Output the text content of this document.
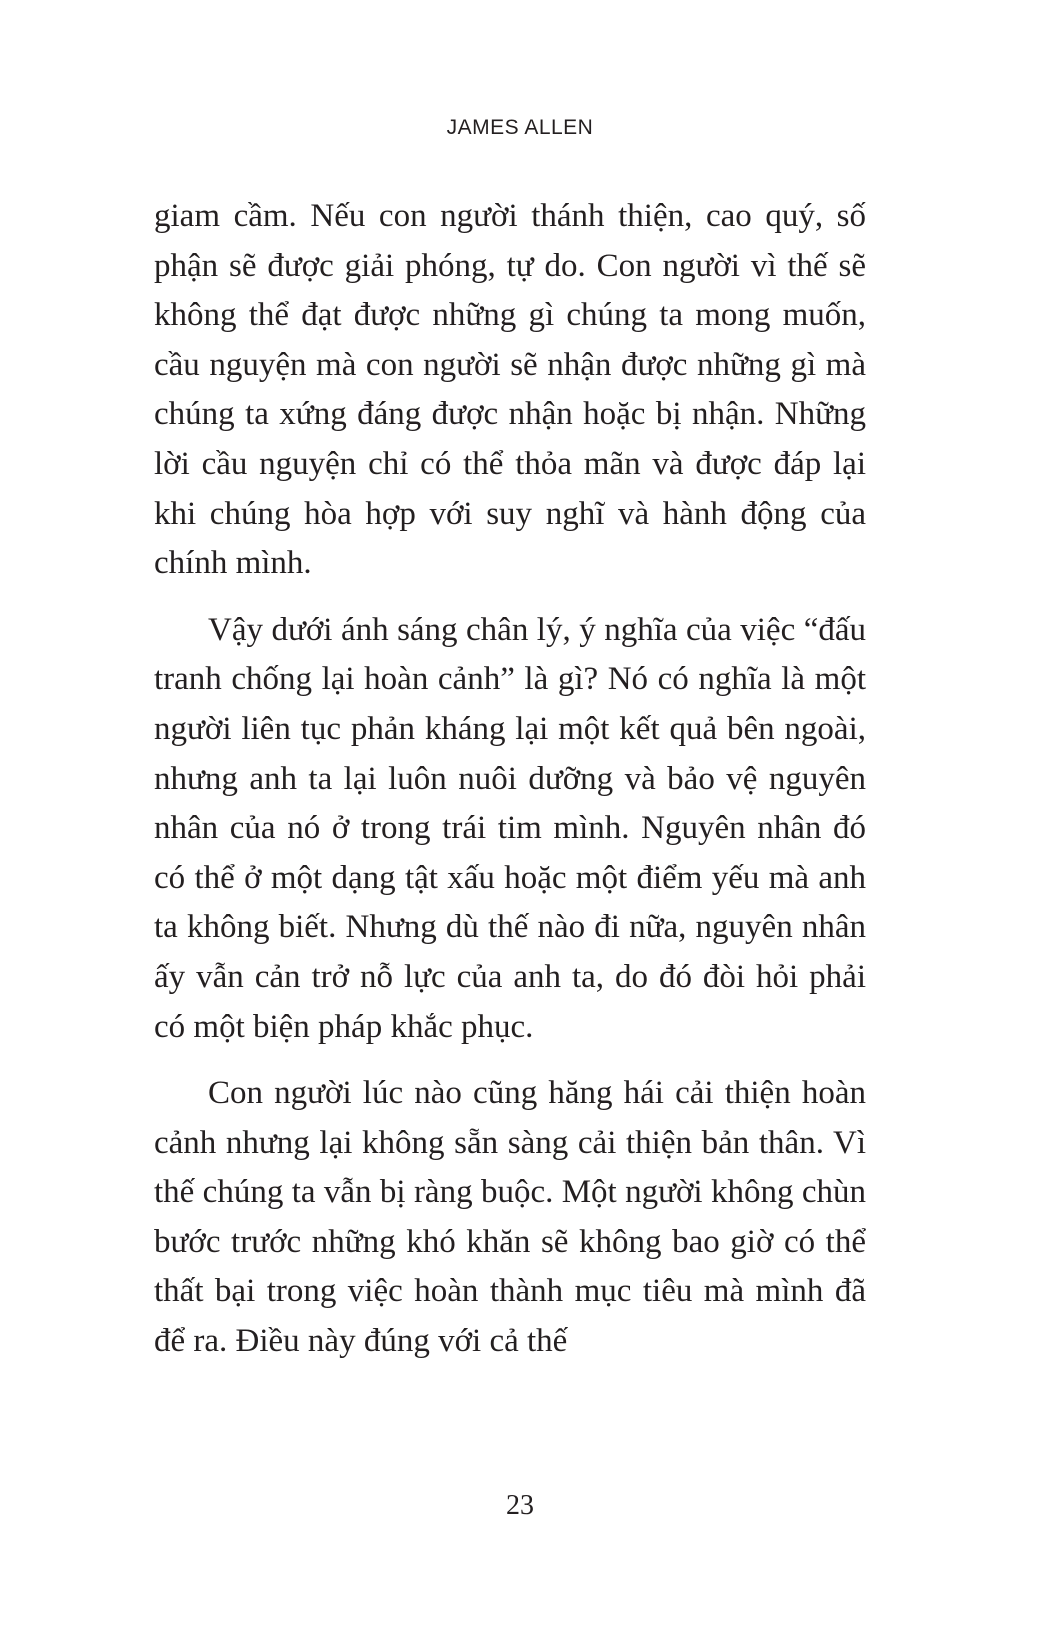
JAMES ALLEN

giam cầm. Nếu con người thánh thiện, cao quý, số phận sẽ được giải phóng, tự do. Con người vì thế sẽ không thể đạt được những gì chúng ta mong muốn, cầu nguyện mà con người sẽ nhận được những gì mà chúng ta xứng đáng được nhận hoặc bị nhận. Những lời cầu nguyện chỉ có thể thỏa mãn và được đáp lại khi chúng hòa hợp với suy nghĩ và hành động của chính mình.

Vậy dưới ánh sáng chân lý, ý nghĩa của việc “đấu tranh chống lại hoàn cảnh” là gì? Nó có nghĩa là một người liên tục phản kháng lại một kết quả bên ngoài, nhưng anh ta lại luôn nuôi dưỡng và bảo vệ nguyên nhân của nó ở trong trái tim mình. Nguyên nhân đó có thể ở một dạng tật xấu hoặc một điểm yếu mà anh ta không biết. Nhưng dù thế nào đi nữa, nguyên nhân ấy vẫn cản trở nỗ lực của anh ta, do đó đòi hỏi phải có một biện pháp khắc phục.

Con người lúc nào cũng hăng hái cải thiện hoàn cảnh nhưng lại không sẵn sàng cải thiện bản thân. Vì thế chúng ta vẫn bị ràng buộc. Một người không chùn bước trước những khó khăn sẽ không bao giờ có thể thất bại trong việc hoàn thành mục tiêu mà mình đã để ra. Điều này đúng với cả thế

23
